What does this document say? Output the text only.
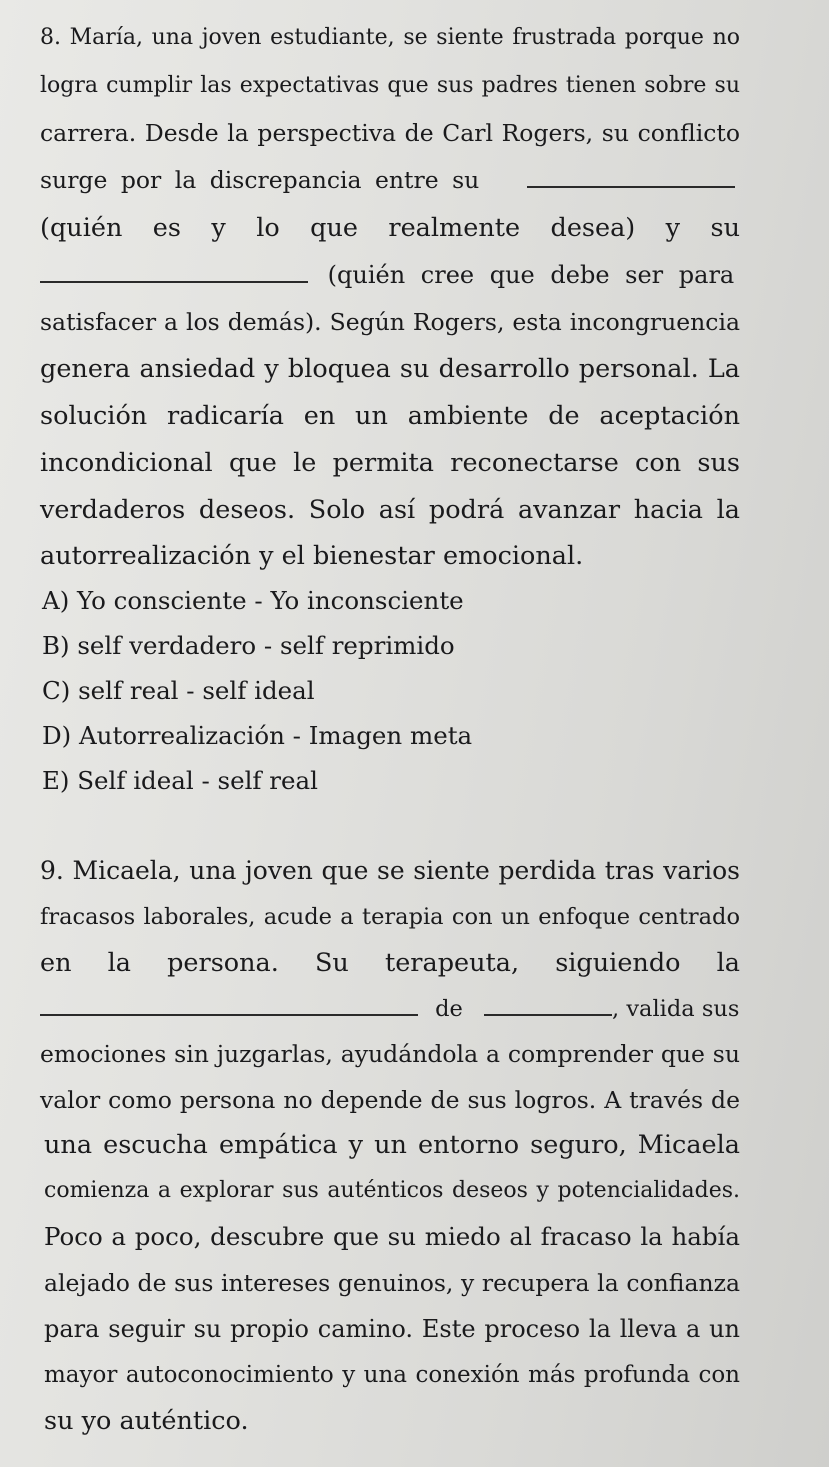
8. María, una joven estudiante, se siente frustrada porque no
logra cumplir las expectativas que sus padres tienen sobre su
carrera. Desde la perspectiva de Carl Rogers, su conflicto
surge por la discrepancia entre su
(quién es y lo que realmente desea) y su
(quién cree que debe ser para
satisfacer a los demás). Según Rogers, esta incongruencia
genera ansiedad y bloquea su desarrollo personal. La
solución radicaría en un ambiente de aceptación
incondicional que le permita reconectarse con sus
verdaderos deseos. Solo así podrá avanzar hacia la
autorrealización y el bienestar emocional.
A) Yo consciente - Yo inconsciente
B) self verdadero - self reprimido
C) self real - self ideal
D) Autorrealización - Imagen meta
E) Self ideal - self real
9. Micaela, una joven que se siente perdida tras varios
fracasos laborales, acude a terapia con un enfoque centrado
en la persona. Su terapeuta, siguiendo la
de	, valida sus
emociones sin juzgarlas, ayudándola a comprender que su
valor como persona no depende de sus logros. A través de
una escucha empática y un entorno seguro, Micaela
comienza a explorar sus auténticos deseos y potencialidades.
Poco a poco, descubre que su miedo al fracaso la había
alejado de sus intereses genuinos, y recupera la confianza
para seguir su propio camino. Este proceso la lleva a un
mayor autoconocimiento y una conexión más profunda con
su yo auténtico.
